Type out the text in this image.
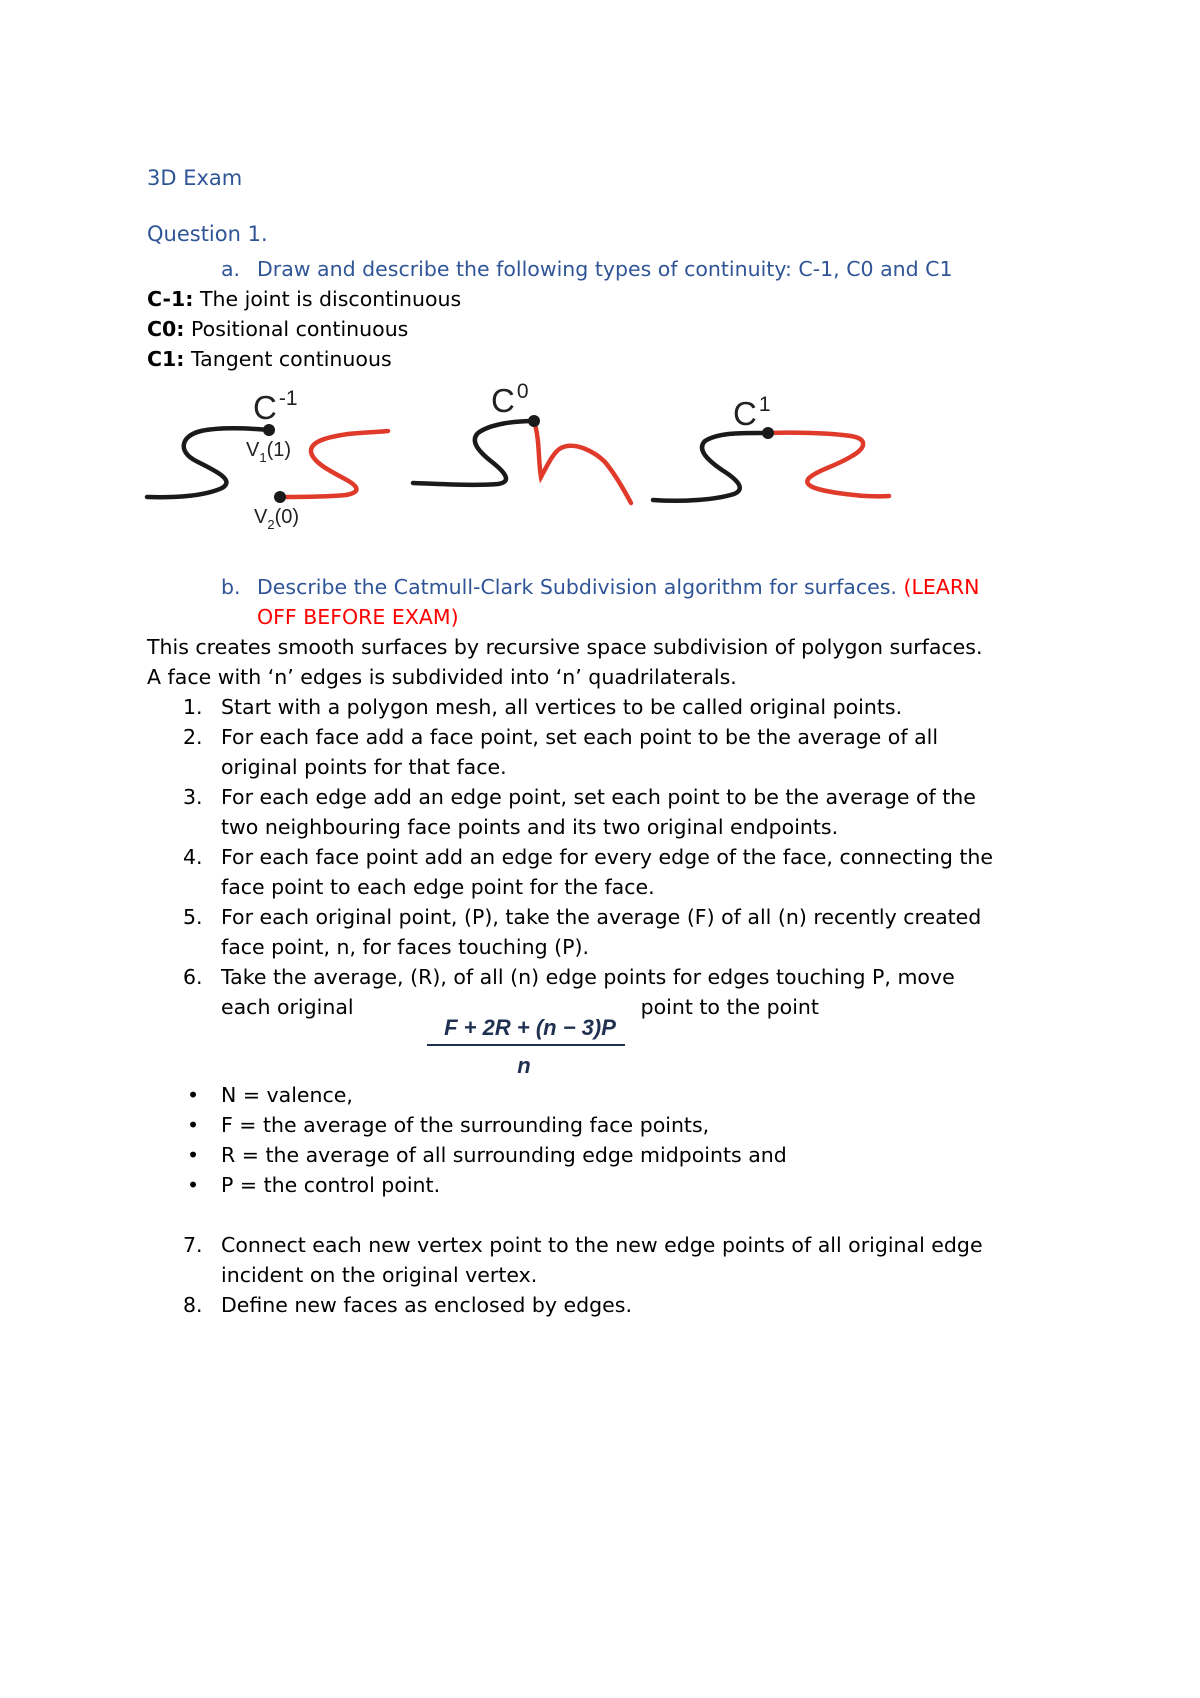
3D Exam
Question 1.
a. Draw and describe the following types of continuity: C-1, C0 and C1
C-1: The joint is discontinuous
C0: Positional continuous
C1: Tangent continuous
$C^{-1}$
$V_1(1)$
$V_2(0)$
$C^0$
$C^1$
b. Describe the Catmull-Clark Subdivision algorithm for surfaces. (LEARN
OFF BEFORE EXAM)
This creates smooth surfaces by recursive space subdivision of polygon surfaces.
A face with ‘n’ edges is subdivided into ‘n’ quadrilaterals.
1. Start with a polygon mesh, all vertices to be called original points.
2. For each face add a face point, set each point to be the average of all
original points for that face.
3. For each edge add an edge point, set each point to be the average of the
two neighbouring face points and its two original endpoints.
4. For each face point add an edge for every edge of the face, connecting the
face point to each edge point for the face.
5. For each original point, (P), take the average (F) of all (n) recently created
face point, n, for faces touching (P).
6. Take the average, (R), of all (n) edge points for edges touching P, move
each original	point to the point
F + 2R + (n − 3)P
n
• N = valence,
• F = the average of the surrounding face points,
• R = the average of all surrounding edge midpoints and
• P = the control point.
7. Connect each new vertex point to the new edge points of all original edge
incident on the original vertex.
8. Define new faces as enclosed by edges.
